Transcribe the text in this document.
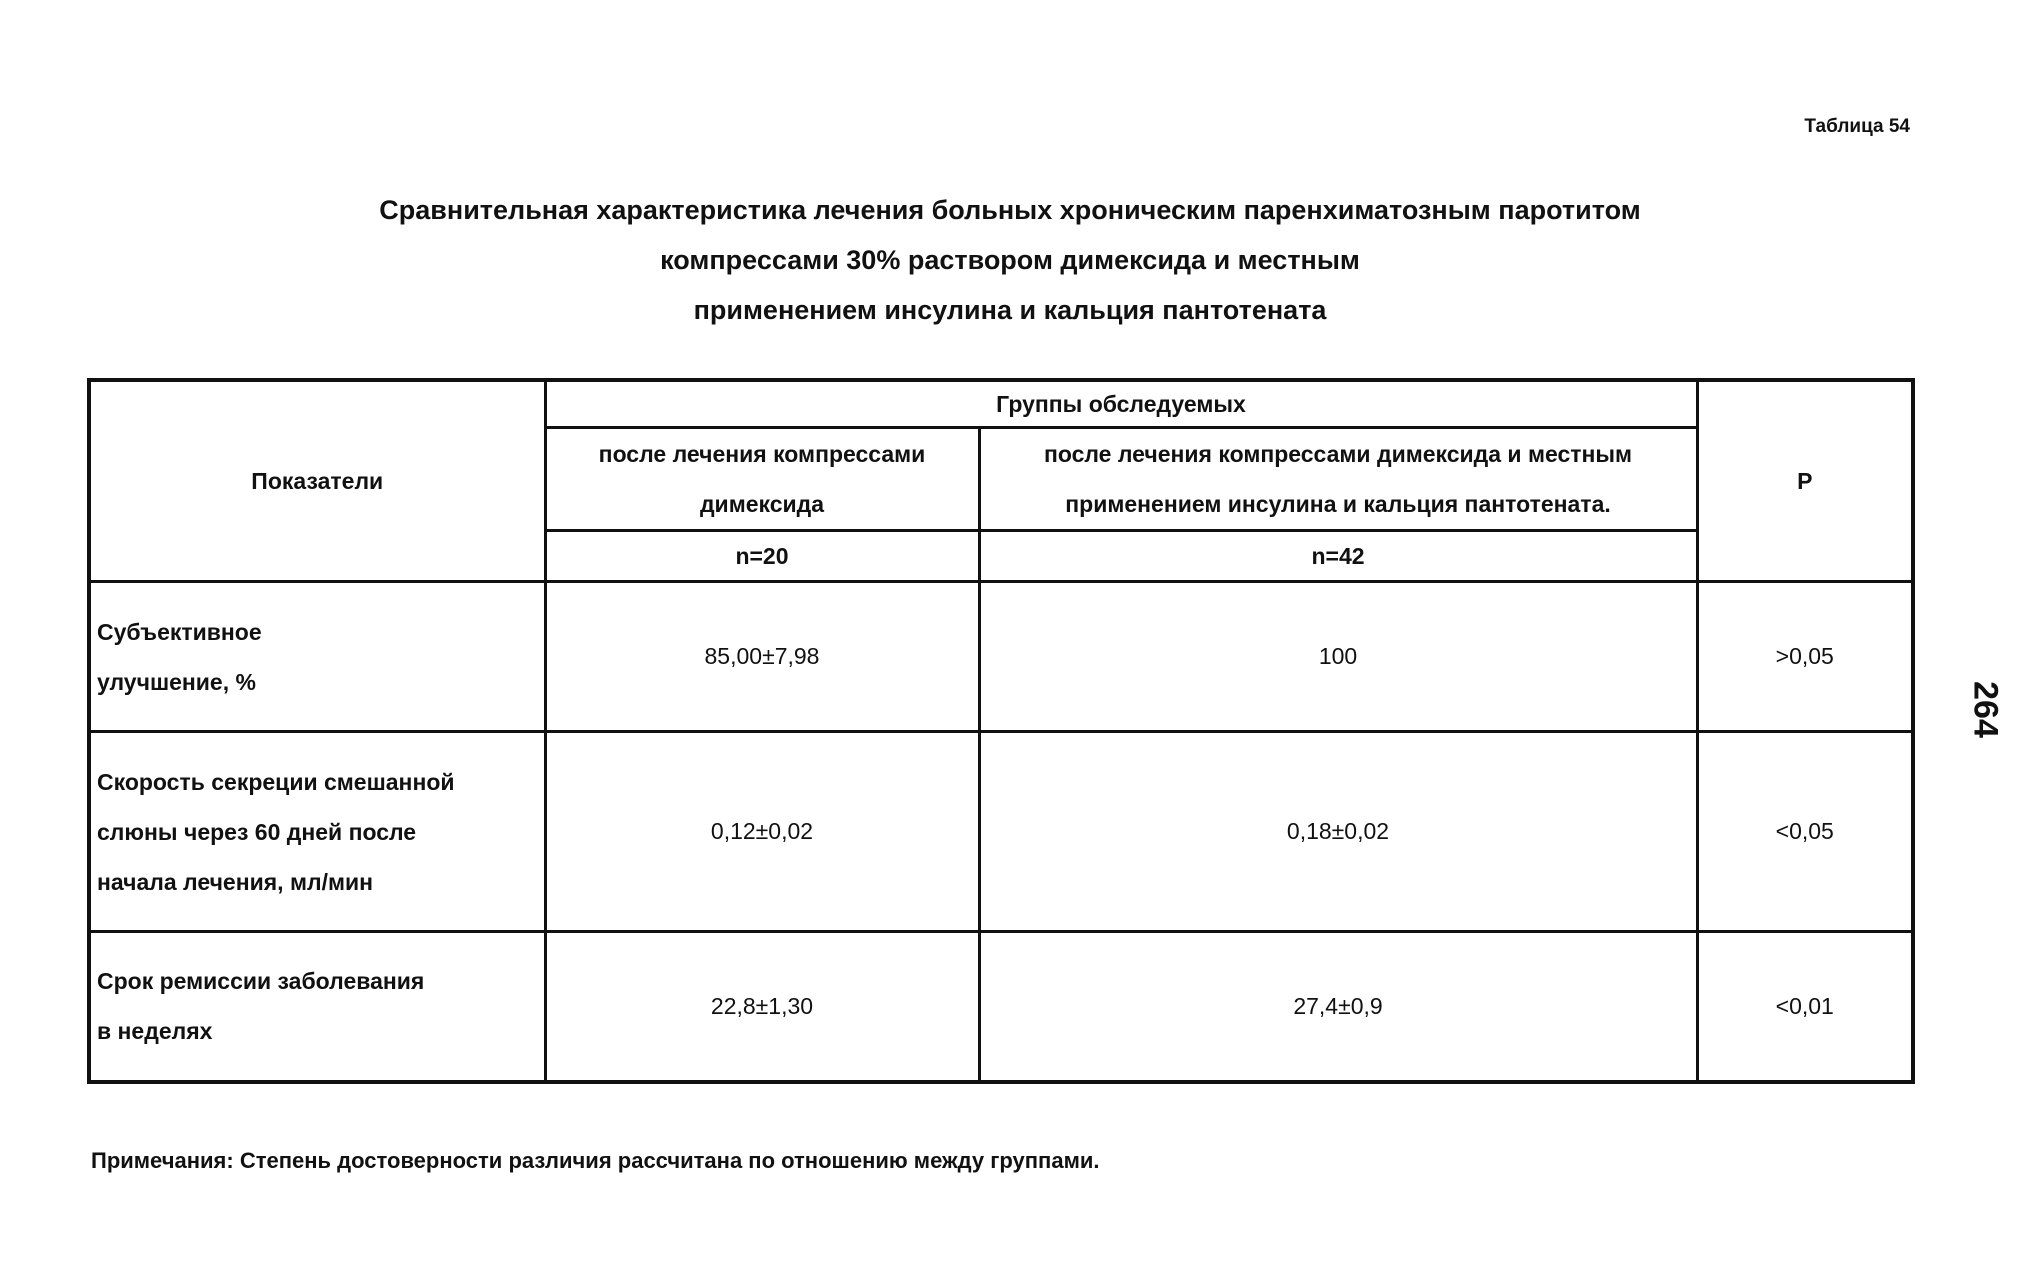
Таблица 54
Сравнительная характеристика лечения больных хроническим паренхиматозным паротитом
компрессами 30% раствором димексида и местным
применением инсулина и кальция пантотената
Показатели	Группы обследуемых		P
	после лечения компрессами димексида	после лечения компрессами димексида и местным применением инсулина и кальция пантотената.	
	n=20	n=42	

Субъективное
улучшение, %	85,00±7,98	100	>0,05

Скорость секреции смешанной
слюны через 60 дней после
начала лечения, мл/мин	0,12±0,02	0,18±0,02	<0,05

Срок ремиссии заболевания
в неделях	22,8±1,30	27,4±0,9	<0,01
Примечания: Степень достоверности различия рассчитана по отношению между группами.
264
